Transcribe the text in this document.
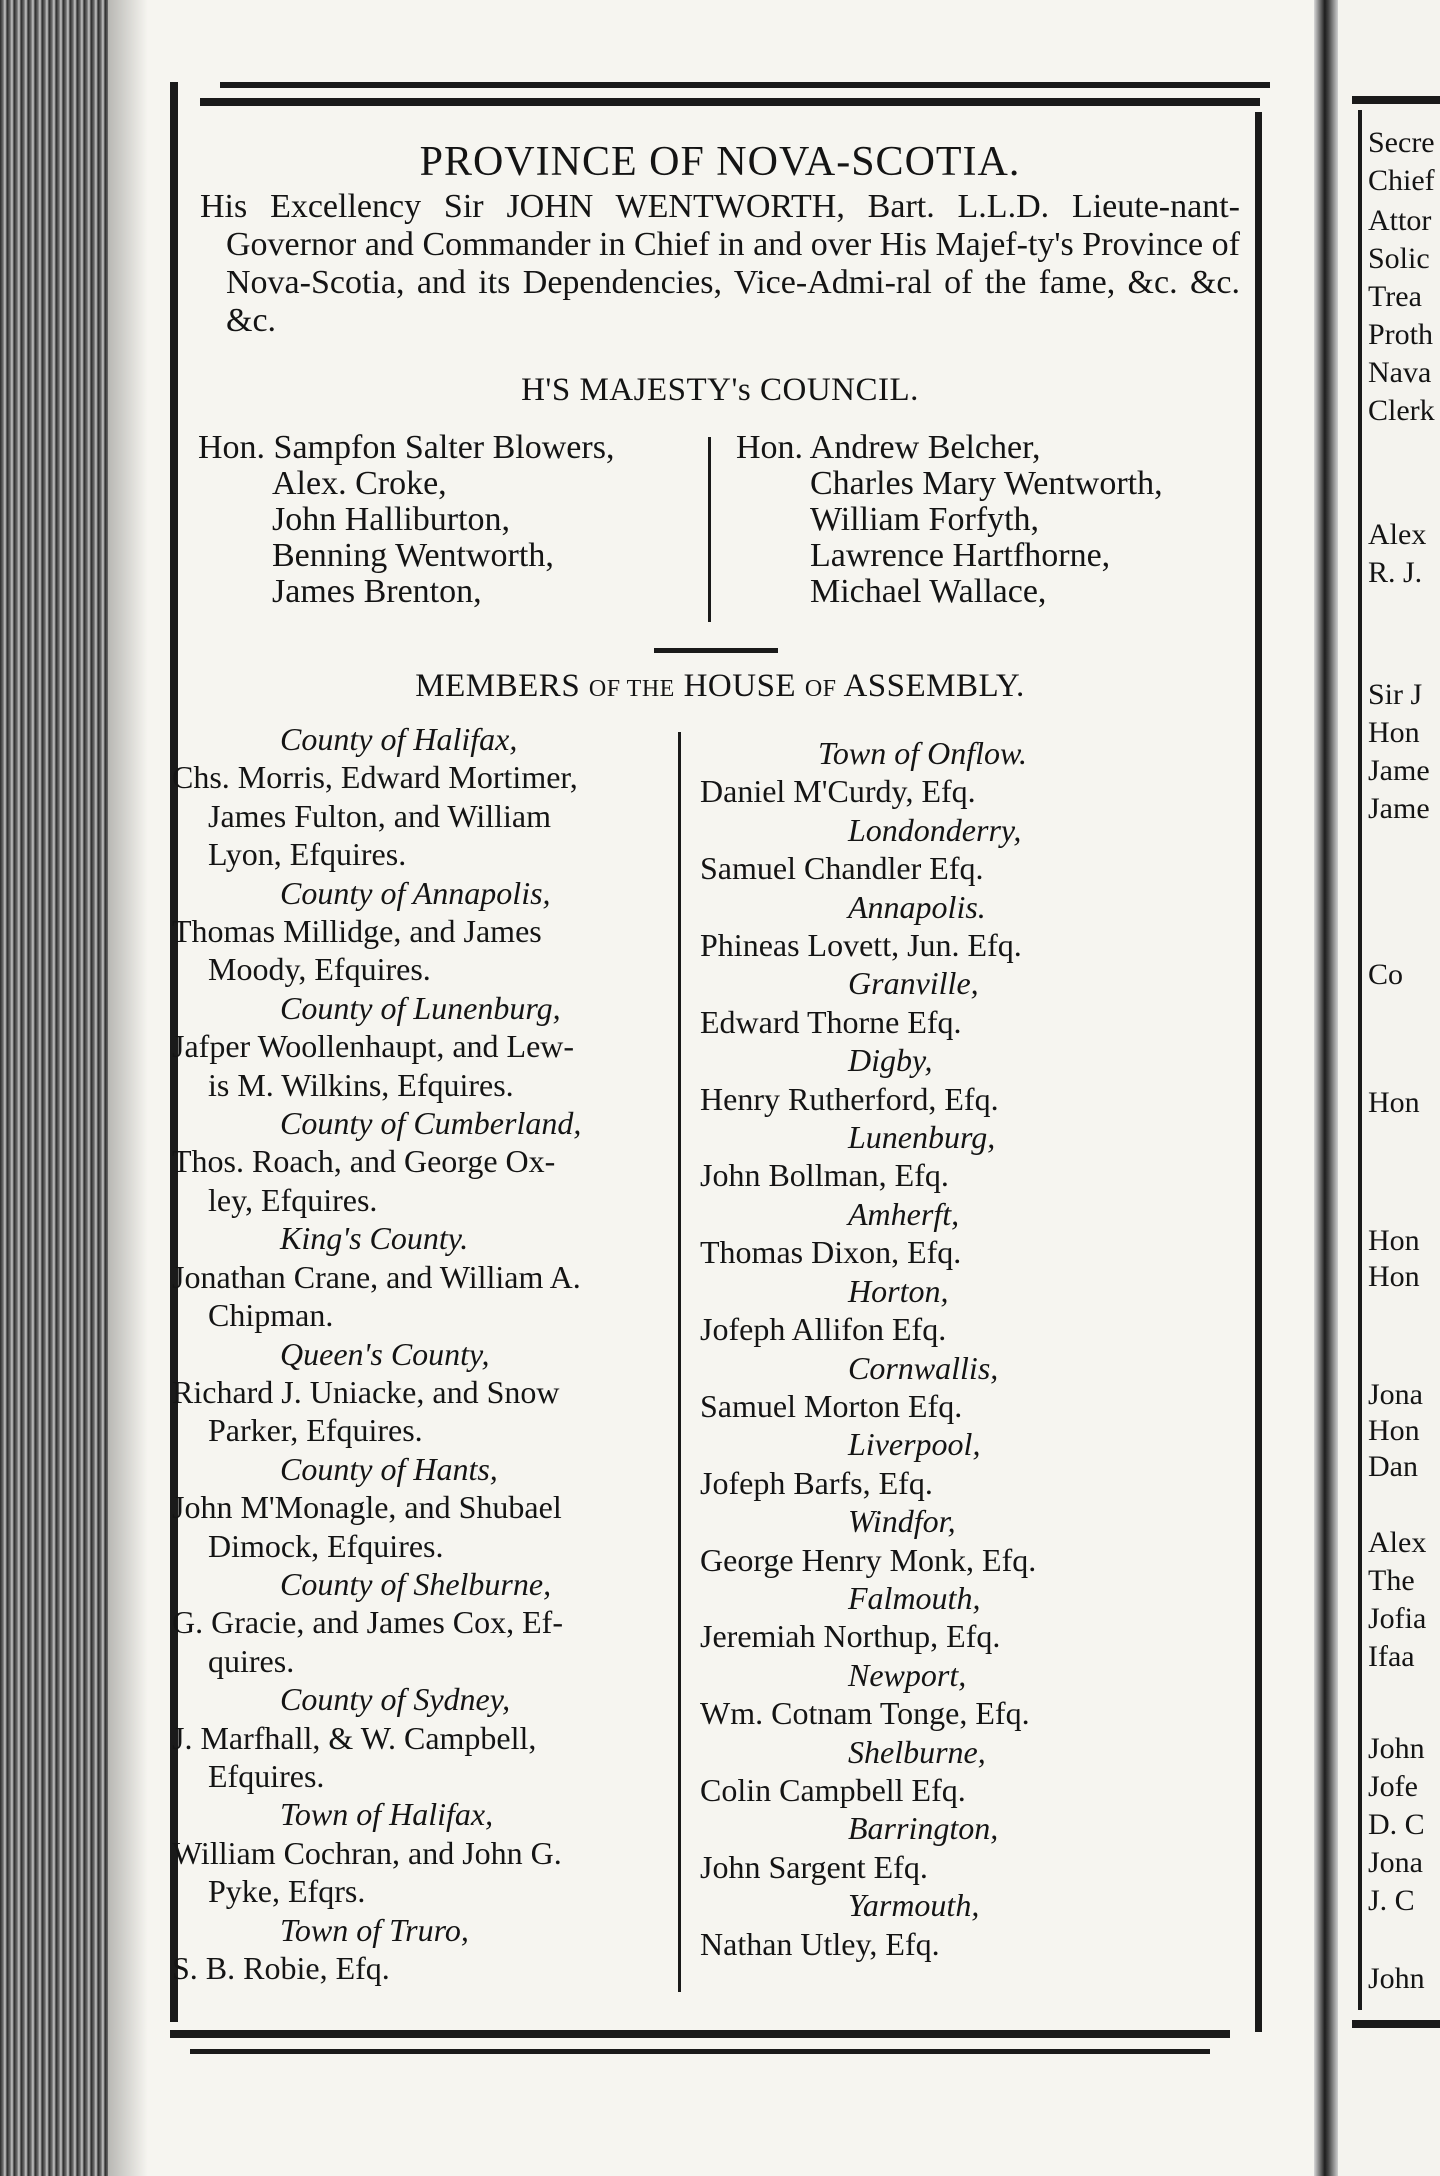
Secre
Chief
Attor
Solic
Trea
Proth
Nava
Clerk
Alex
R. J.
Sir J
Hon
Jame
Jame
Co
Hon
Hon
Hon
Jona
Hon
Dan
Alex
The
Jofia
Ifaa
John
Jofe
D. C
Jona
J. C
John

PROVINCE OF NOVA-SCOTIA.

His Excellency Sir JOHN WENTWORTH, Bart. L.L.D. Lieute-nant- Governor and Commander in Chief in and over His Majef-ty's Province of Nova-Scotia, and its Dependencies, Vice-Admi-ral of the fame, &c. &c. &c.

H'S MAJESTY's COUNCIL.
Hon. Sampfon Salter Blowers,
Alex. Croke,
John Halliburton,
Benning Wentworth,
James Brenton,
Hon. Andrew Belcher,
Charles Mary Wentworth,
William Forfyth,
Lawrence Hartfhorne,
Michael Wallace,
MEMBERS OF THE HOUSE OF ASSEMBLY.
County of Halifax,
Chs. Morris, Edward Mortimer,
James Fulton, and William
Lyon, Efquires.
County of Annapolis,
Thomas Millidge, and James
Moody, Efquires.
County of Lunenburg,
Jafper Woollenhaupt, and Lew-
is M. Wilkins, Efquires.
County of Cumberland,
Thos. Roach, and George Ox-
ley, Efquires.
King's County.
Jonathan Crane, and William A.
Chipman.
Queen's County,
Richard J. Uniacke, and Snow
Parker, Efquires.
County of Hants,
John M'Monagle, and Shubael
Dimock, Efquires.
County of Shelburne,
G. Gracie, and James Cox, Ef-
quires.
County of Sydney,
J. Marfhall, & W. Campbell,
Efquires.
Town of Halifax,
William Cochran, and John G.
Pyke, Efqrs.
Town of Truro,
S. B. Robie, Efq.
Town of Onflow.
Daniel M'Curdy, Efq.
Londonderry,
Samuel Chandler Efq.
Annapolis.
Phineas Lovett, Jun. Efq.
Granville,
Edward Thorne Efq.
Digby,
Henry Rutherford, Efq.
Lunenburg,
John Bollman, Efq.
Amherft,
Thomas Dixon, Efq.
Horton,
Jofeph Allifon Efq.
Cornwallis,
Samuel Morton Efq.
Liverpool,
Jofeph Barfs, Efq.
Windfor,
George Henry Monk, Efq.
Falmouth,
Jeremiah Northup, Efq.
Newport,
Wm. Cotnam Tonge, Efq.
Shelburne,
Colin Campbell Efq.
Barrington,
John Sargent Efq.
Yarmouth,
Nathan Utley, Efq.
